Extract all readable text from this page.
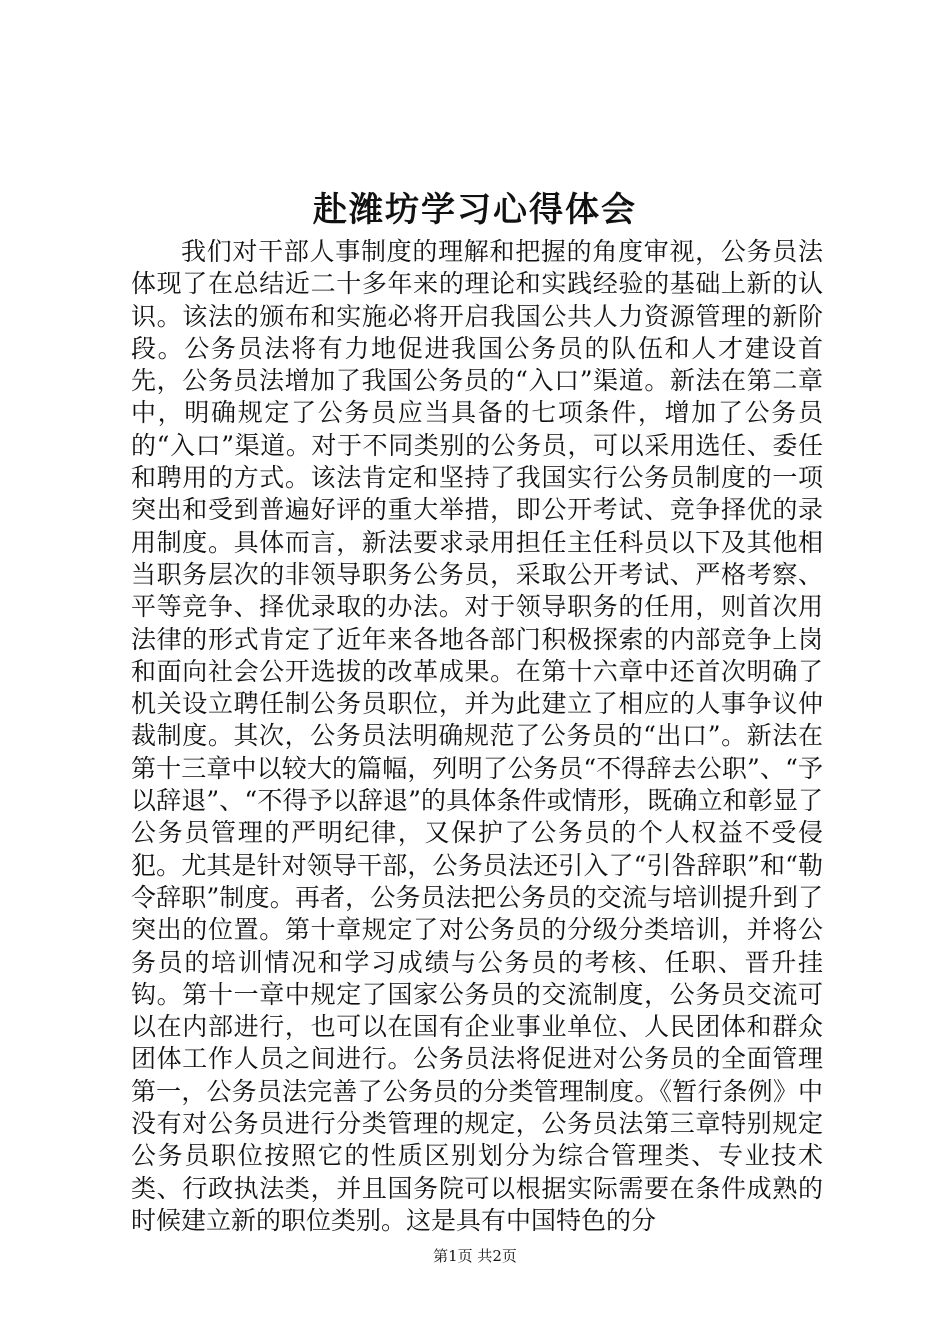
赴潍坊学习心得体会

我们对干部人事制度的理解和把握的角度审视，公务员法体现了在总结近二十多年来的理论和实践经验的基础上新的认识。该法的颁布和实施必将开启我国公共人力资源管理的新阶段。公务员法将有力地促进我国公务员的队伍和人才建设首先，公务员法增加了我国公务员的“入口”渠道。新法在第二章中，明确规定了公务员应当具备的七项条件，增加了公务员的“入口”渠道。对于不同类别的公务员，可以采用选任、委任和聘用的方式。该法肯定和坚持了我国实行公务员制度的一项突出和受到普遍好评的重大举措，即公开考试、竞争择优的录用制度。具体而言，新法要求录用担任主任科员以下及其他相当职务层次的非领导职务公务员，采取公开考试、严格考察、平等竞争、择优录取的办法。对于领导职务的任用，则首次用法律的形式肯定了近年来各地各部门积极探索的内部竞争上岗和面向社会公开选拔的改革成果。在第十六章中还首次明确了机关设立聘任制公务员职位，并为此建立了相应的人事争议仲裁制度。其次，公务员法明确规范了公务员的“出口”。新法在第十三章中以较大的篇幅，列明了公务员“不得辞去公职”、“予以辞退”、“不得予以辞退”的具体条件或情形，既确立和彰显了公务员管理的严明纪律，又保护了公务员的个人权益不受侵犯。尤其是针对领导干部，公务员法还引入了“引咎辞职”和“勒令辞职”制度。再者，公务员法把公务员的交流与培训提升到了突出的位置。第十章规定了对公务员的分级分类培训，并将公务员的培训情况和学习成绩与公务员的考核、任职、晋升挂钩。第十一章中规定了国家公务员的交流制度，公务员交流可以在内部进行，也可以在国有企业事业单位、人民团体和群众团体工作人员之间进行。公务员法将促进对公务员的全面管理第一，公务员法完善了公务员的分类管理制度。《暂行条例》中没有对公务员进行分类管理的规定，公务员法第三章特别规定公务员职位按照它的性质区别划分为综合管理类、专业技术类、行政执法类，并且国务院可以根据实际需要在条件成熟的时候建立新的职位类别。这是具有中国特色的分

第1页 共2页
